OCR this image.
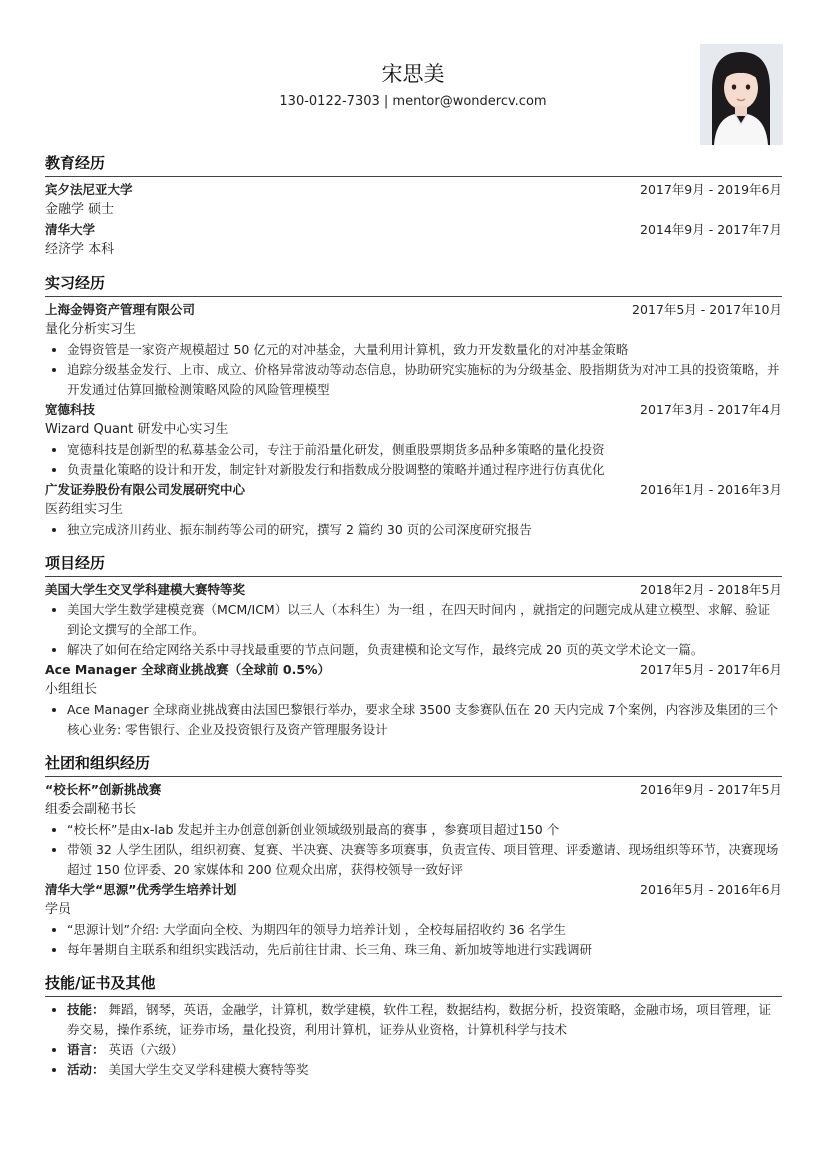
宋思美
130-0122-7303 | mentor@wondercv.com
教育经历
宾夕法尼亚大学	2017年9月 - 2019年6月
金融学 硕士
清华大学	2014年9月 - 2017年7月
经济学 本科
实习经历
上海金锝资产管理有限公司	2017年5月 - 2017年10月
量化分析实习生
• 金锝资管是一家资产规模超过 50 亿元的对冲基金，大量利用计算机，致力开发数量化的对冲基金策略
• 追踪分级基金发行、上市、成立、价格异常波动等动态信息，协助研究实施标的为分级基金、股指期货为对冲工具的投资策略，并开发通过估算回撤检测策略风险的风险管理模型
宽德科技	2017年3月 - 2017年4月
Wizard Quant 研发中心实习生
• 宽德科技是创新型的私募基金公司，专注于前沿量化研发，侧重股票期货多品种多策略的量化投资
• 负责量化策略的设计和开发，制定针对新股发行和指数成分股调整的策略并通过程序进行仿真优化
广发证券股份有限公司发展研究中心	2016年1月 - 2016年3月
医药组实习生
• 独立完成济川药业、振东制药等公司的研究，撰写 2 篇约 30 页的公司深度研究报告
项目经历
美国大学生交叉学科建模大赛特等奖	2018年2月 - 2018年5月
• 美国大学生数学建模竞赛（MCM/ICM）以三人（本科生）为一组 ，在四天时间内 ，就指定的问题完成从建立模型、求解、验证到论文撰写的全部工作。
• 解决了如何在给定网络关系中寻找最重要的节点问题，负责建模和论文写作，最终完成 20 页的英文学术论文一篇。
Ace Manager 全球商业挑战赛（全球前 0.5%）	2017年5月 - 2017年6月
小组组长
• Ace Manager 全球商业挑战赛由法国巴黎银行举办，要求全球 3500 支参赛队伍在 20 天内完成 7个案例，内容涉及集团的三个核心业务: 零售银行、企业及投资银行及资产管理服务设计
社团和组织经历
“校长杯”创新挑战赛	2016年9月 - 2017年5月
组委会副秘书长
• “校长杯”是由x-lab 发起并主办创意创新创业领域级别最高的赛事 ，参赛项目超过150 个
• 带领 32 人学生团队，组织初赛、复赛、半决赛、决赛等多项赛事，负责宣传、项目管理、评委邀请、现场组织等环节，决赛现场超过 150 位评委、20 家媒体和 200 位观众出席，获得校领导一致好评
清华大学“思源”优秀学生培养计划	2016年5月 - 2016年6月
学员
• “思源计划”介绍: 大学面向全校、为期四年的领导力培养计划 ，全校每届招收约 36 名学生
• 每年暑期自主联系和组织实践活动，先后前往甘肃、长三角、珠三角、新加坡等地进行实践调研
技能/证书及其他
• 技能： 舞蹈，钢琴，英语，金融学，计算机，数学建模，软件工程，数据结构，数据分析，投资策略，金融市场，项目管理，证券交易，操作系统，证券市场，量化投资，利用计算机，证券从业资格，计算机科学与技术
• 语言： 英语（六级）
• 活动： 美国大学生交叉学科建模大赛特等奖
